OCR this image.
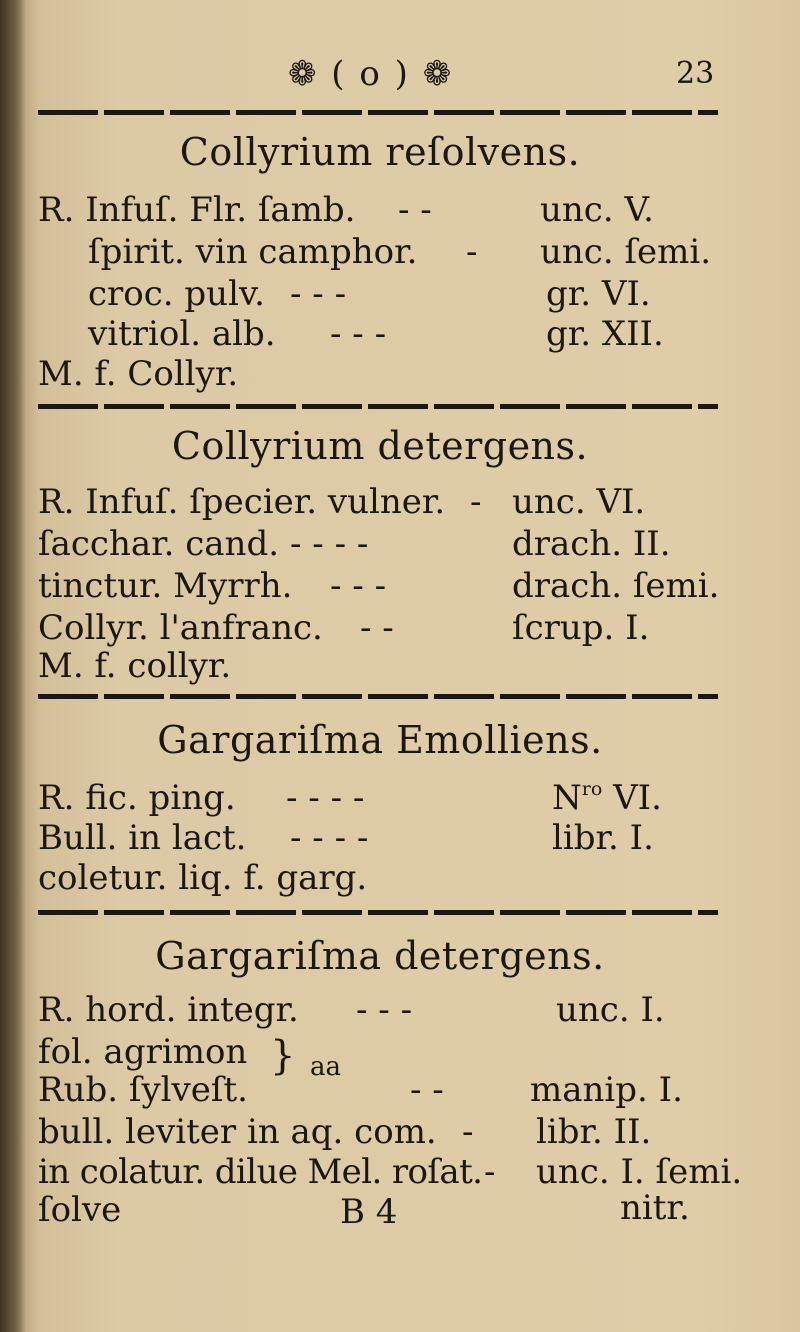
❁ ( o ) ❁	23
Collyrium reſolvens.
R. Infuſ. Flr. ſamb. - -	unc. V.
ſpirit. vin camphor. - unc. ſemi.
croc. pulv. - - -	gr. VI.
vitriol. alb. - - -	gr. XII.
M. f. Collyr.
Collyrium detergens.
R. Infuſ. ſpecier. vulner. - unc. VI.
ſacchar. cand. - - - -	drach. II.
tinctur. Myrrh. - - -	drach. ſemi.
Collyr. l'anfranc. - -	ſcrup. I.
M. f. collyr.
Gargariſma Emolliens.
R. fic. ping. - - - -	$N^{ro}$ VI.
Bull. in lact. - - - -	libr. I.
coletur. liq. f. garg.
Gargariſma detergens.
R. hord. integr. - - -	unc. I.
fol. agrimon } aa
Rub. ſylveſt.	- -	manip. I.
bull. leviter in aq. com. - libr. II.
in colatur. dilue Mel. roſat. - unc. I. ſemi.
ſolve	B 4	nitr.
